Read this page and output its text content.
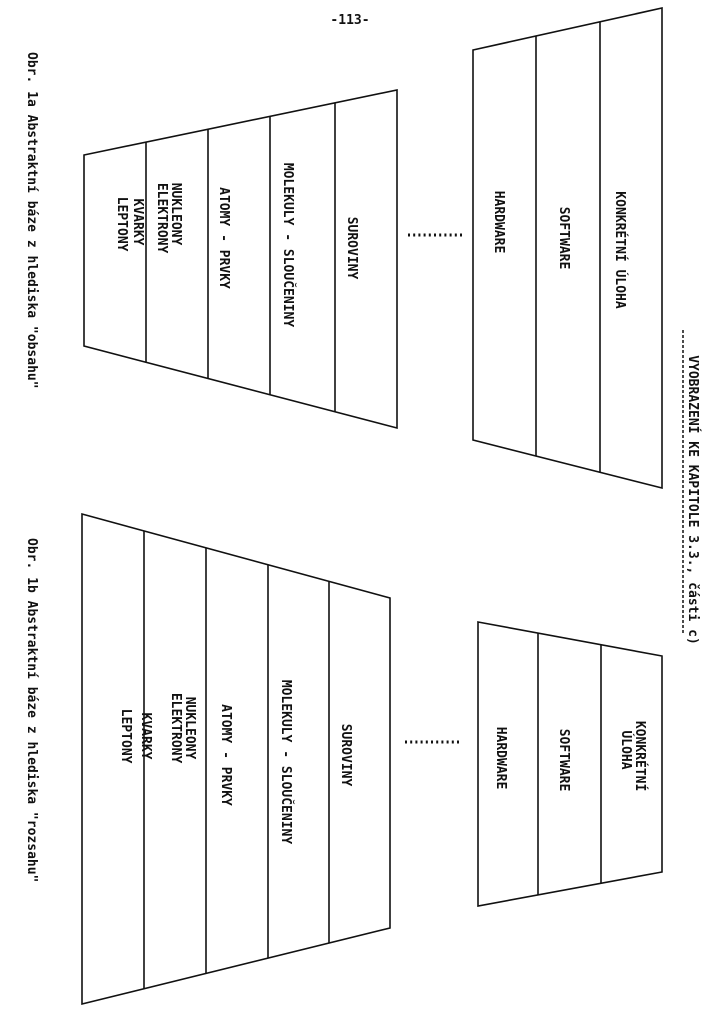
-113-
VYOBRAZENÍ KE KAPITOLE 3.3., části c)
KONKRÉTNÍ ÚLOHA
SOFTWARE
HARDWARE
SUROVINY
MOLEKULY - SLOUČENINY
ATOMY - PRVKY
ELEKTRONY NUKLEONY
LEPTONY KVARKY
Obr. 1a Abstraktní báze z hlediska "obsahu"
KONKRÉTNÍ ÚLOHA
SOFTWARE
HARDWARE
SUROVINY
MOLEKULY - SLOUČENINY
ATOMY - PRVKY
ELEKTRONY NUKLEONY
LEPTONY KVARKY
Obr. 1b Abstraktní báze z hlediska "rozsahu"
